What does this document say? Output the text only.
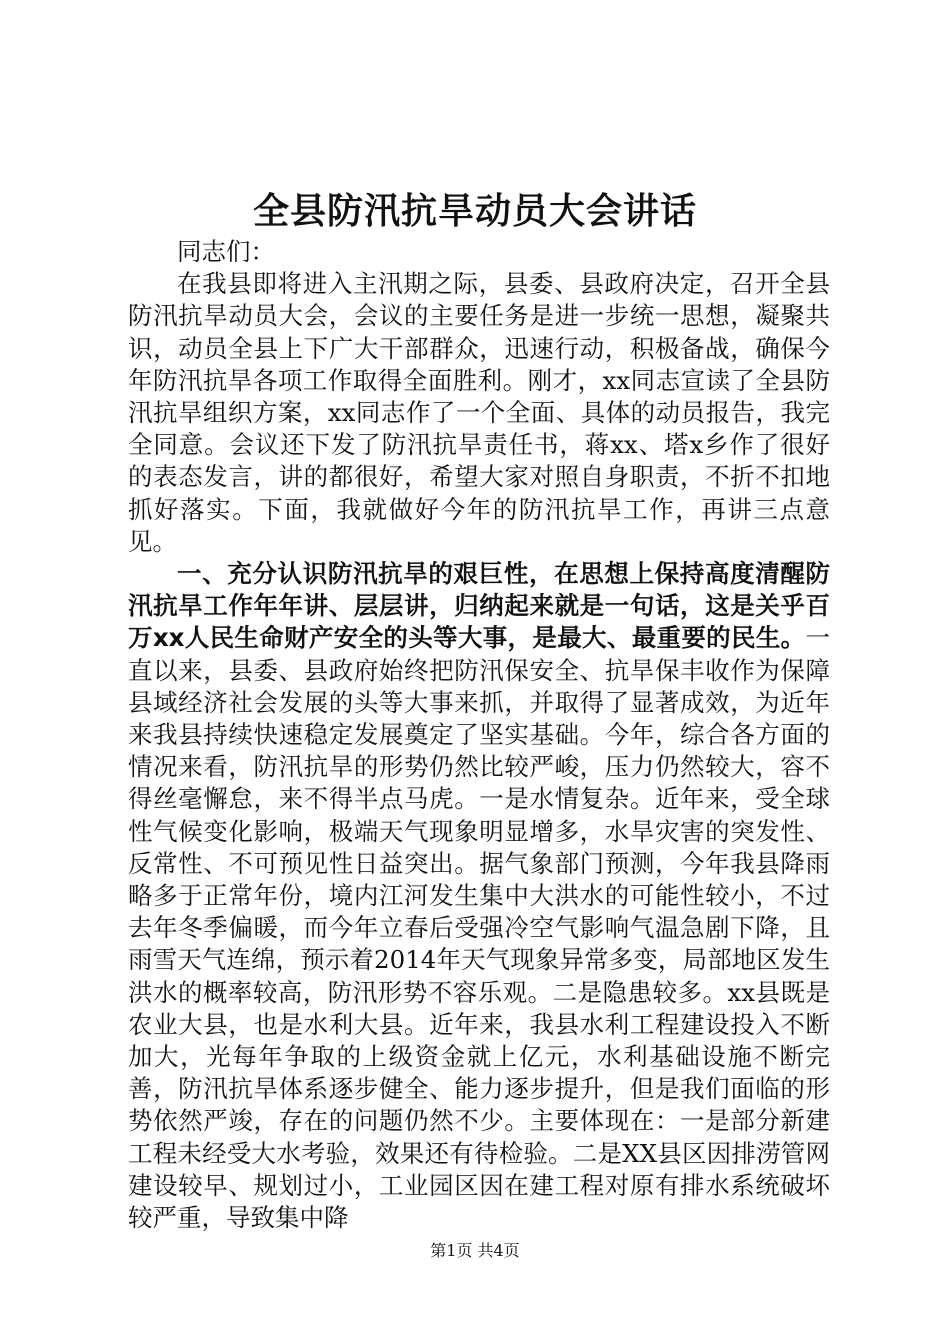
全县防汛抗旱动员大会讲话

同志们：

在我县即将进入主汛期之际，县委、县政府决定，召开全县防汛抗旱动员大会，会议的主要任务是进一步统一思想，凝聚共识，动员全县上下广大干部群众，迅速行动，积极备战，确保今年防汛抗旱各项工作取得全面胜利。刚才，xx同志宣读了全县防汛抗旱组织方案，xx同志作了一个全面、具体的动员报告，我完全同意。会议还下发了防汛抗旱责任书，蒋xx、塔x乡作了很好的表态发言，讲的都很好，希望大家对照自身职责，不折不扣地抓好落实。下面，我就做好今年的防汛抗旱工作，再讲三点意见。

一、充分认识防汛抗旱的艰巨性，在思想上保持高度清醒防汛抗旱工作年年讲、层层讲，归纳起来就是一句话，这是关乎百万xx人民生命财产安全的头等大事，是最大、最重要的民生。一直以来，县委、县政府始终把防汛保安全、抗旱保丰收作为保障县域经济社会发展的头等大事来抓，并取得了显著成效，为近年来我县持续快速稳定发展奠定了坚实基础。今年，综合各方面的情况来看，防汛抗旱的形势仍然比较严峻，压力仍然较大，容不得丝毫懈怠，来不得半点马虎。一是水情复杂。近年来，受全球性气候变化影响，极端天气现象明显增多，水旱灾害的突发性、反常性、不可预见性日益突出。据气象部门预测，今年我县降雨略多于正常年份，境内江河发生集中大洪水的可能性较小，不过去年冬季偏暖，而今年立春后受强冷空气影响气温急剧下降，且雨雪天气连绵，预示着2014年天气现象异常多变，局部地区发生洪水的概率较高，防汛形势不容乐观。二是隐患较多。xx县既是农业大县，也是水利大县。近年来，我县水利工程建设投入不断加大，光每年争取的上级资金就上亿元，水利基础设施不断完善，防汛抗旱体系逐步健全、能力逐步提升，但是我们面临的形势依然严竣，存在的问题仍然不少。主要体现在：一是部分新建工程未经受大水考验，效果还有待检验。二是XX县区因排涝管网建设较早、规划过小，工业园区因在建工程对原有排水系统破坏较严重，导致集中降

第1页 共4页
